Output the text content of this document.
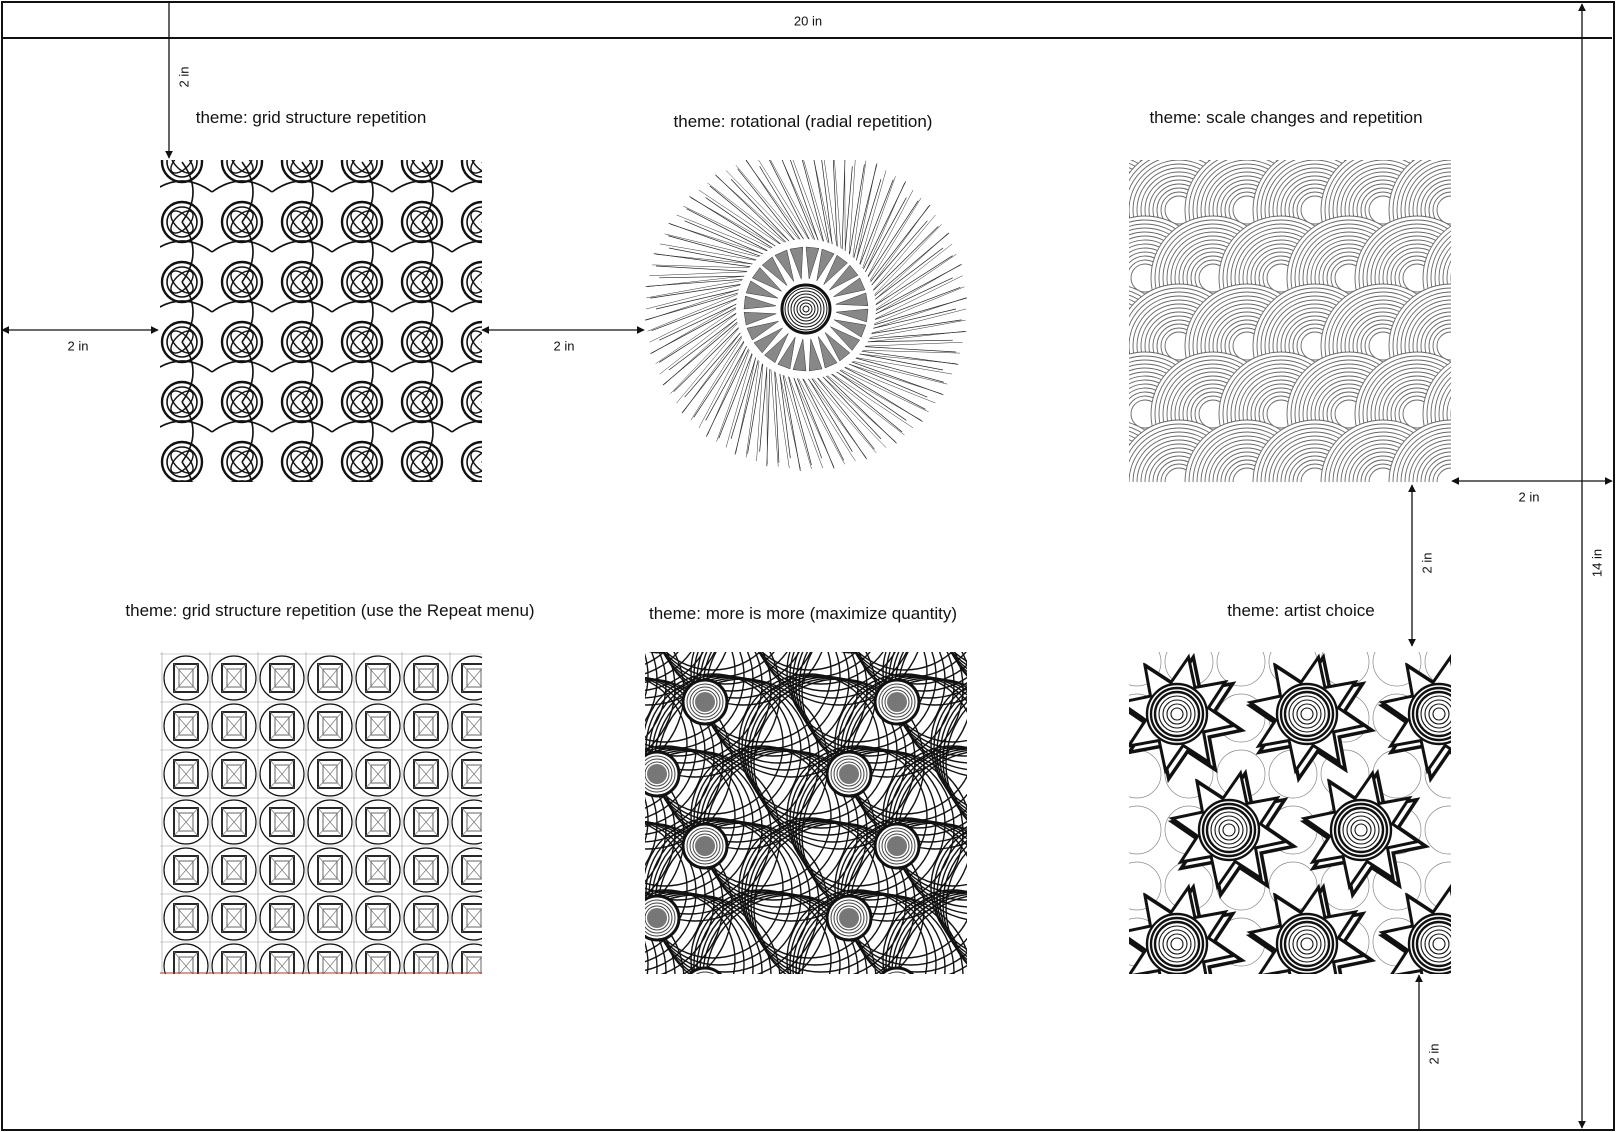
theme: grid structure repetition	theme: rotational (radial repetition)	theme: scale changes and repetition
theme: grid structure repetition (use the Repeat menu)	theme: more is more (maximize quantity)	theme: artist choice
20 in
14 in
2 in
2 in	2 in
2 in
2 in
2 in
